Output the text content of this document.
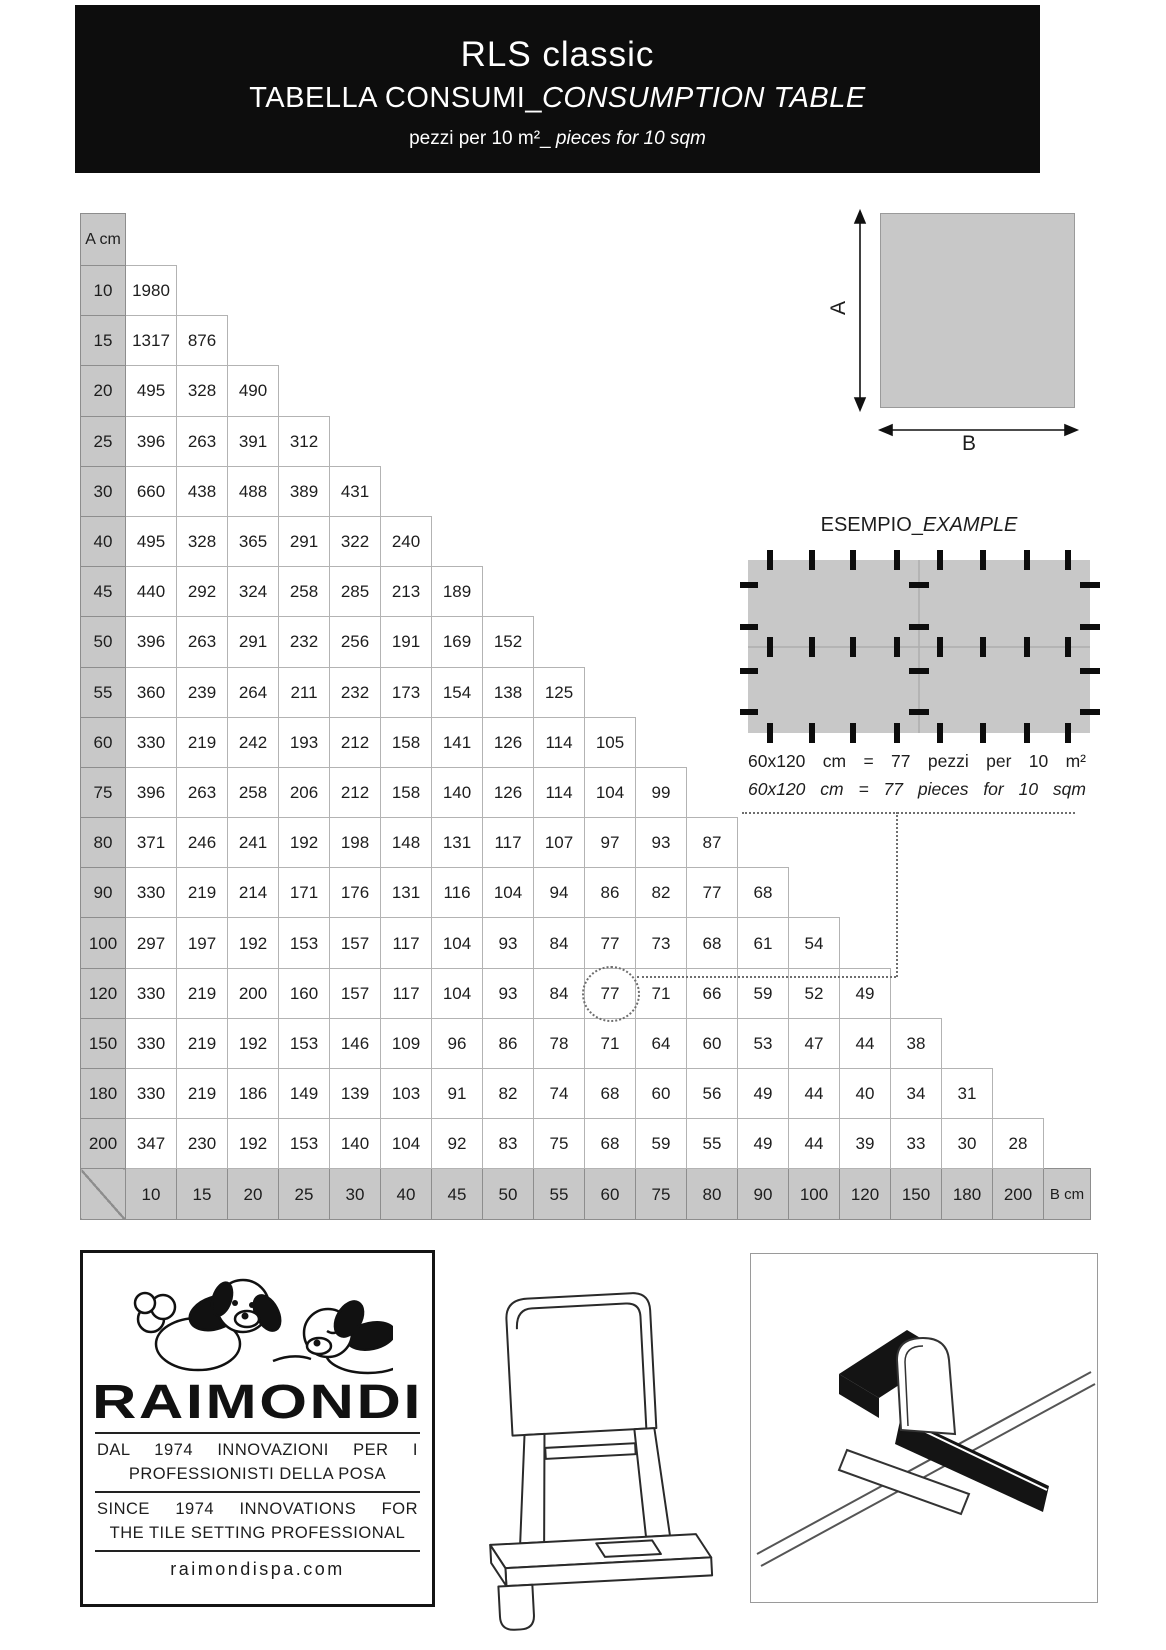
RLS classic
TABELLA CONSUMI_CONSUMPTION TABLE
pezzi per 10 m²_ pieces for 10 sqm
A cm																			
10	1980																		
15	1317	876																	
20	495	328	490																
25	396	263	391	312															
30	660	438	488	389	431														
40	495	328	365	291	322	240													
45	440	292	324	258	285	213	189												
50	396	263	291	232	256	191	169	152											
55	360	239	264	211	232	173	154	138	125										
60	330	219	242	193	212	158	141	126	114	105									
75	396	263	258	206	212	158	140	126	114	104	99								
80	371	246	241	192	198	148	131	117	107	97	93	87							
90	330	219	214	171	176	131	116	104	94	86	82	77	68						
100	297	197	192	153	157	117	104	93	84	77	73	68	61	54					
120	330	219	200	160	157	117	104	93	84	77	71	66	59	52	49				
150	330	219	192	153	146	109	96	86	78	71	64	60	53	47	44	38			
180	330	219	186	149	139	103	91	82	74	68	60	56	49	44	40	34	31		
200	347	230	192	153	140	104	92	83	75	68	59	55	49	44	39	33	30	28	
	10	15	20	25	30	40	45	50	55	60	75	80	90	100	120	150	180	200	B cm
A
B
ESEMPIO_EXAMPLE
60x120 cm = 77 pezzi per 10 m²
60x120 cm = 77 pieces for 10 sqm
RAIMONDI
DAL 1974 INNOVAZIONI PER I
PROFESSIONISTI DELLA POSA
SINCE 1974 INNOVATIONS FOR
THE TILE SETTING PROFESSIONAL
raimondispa.com
